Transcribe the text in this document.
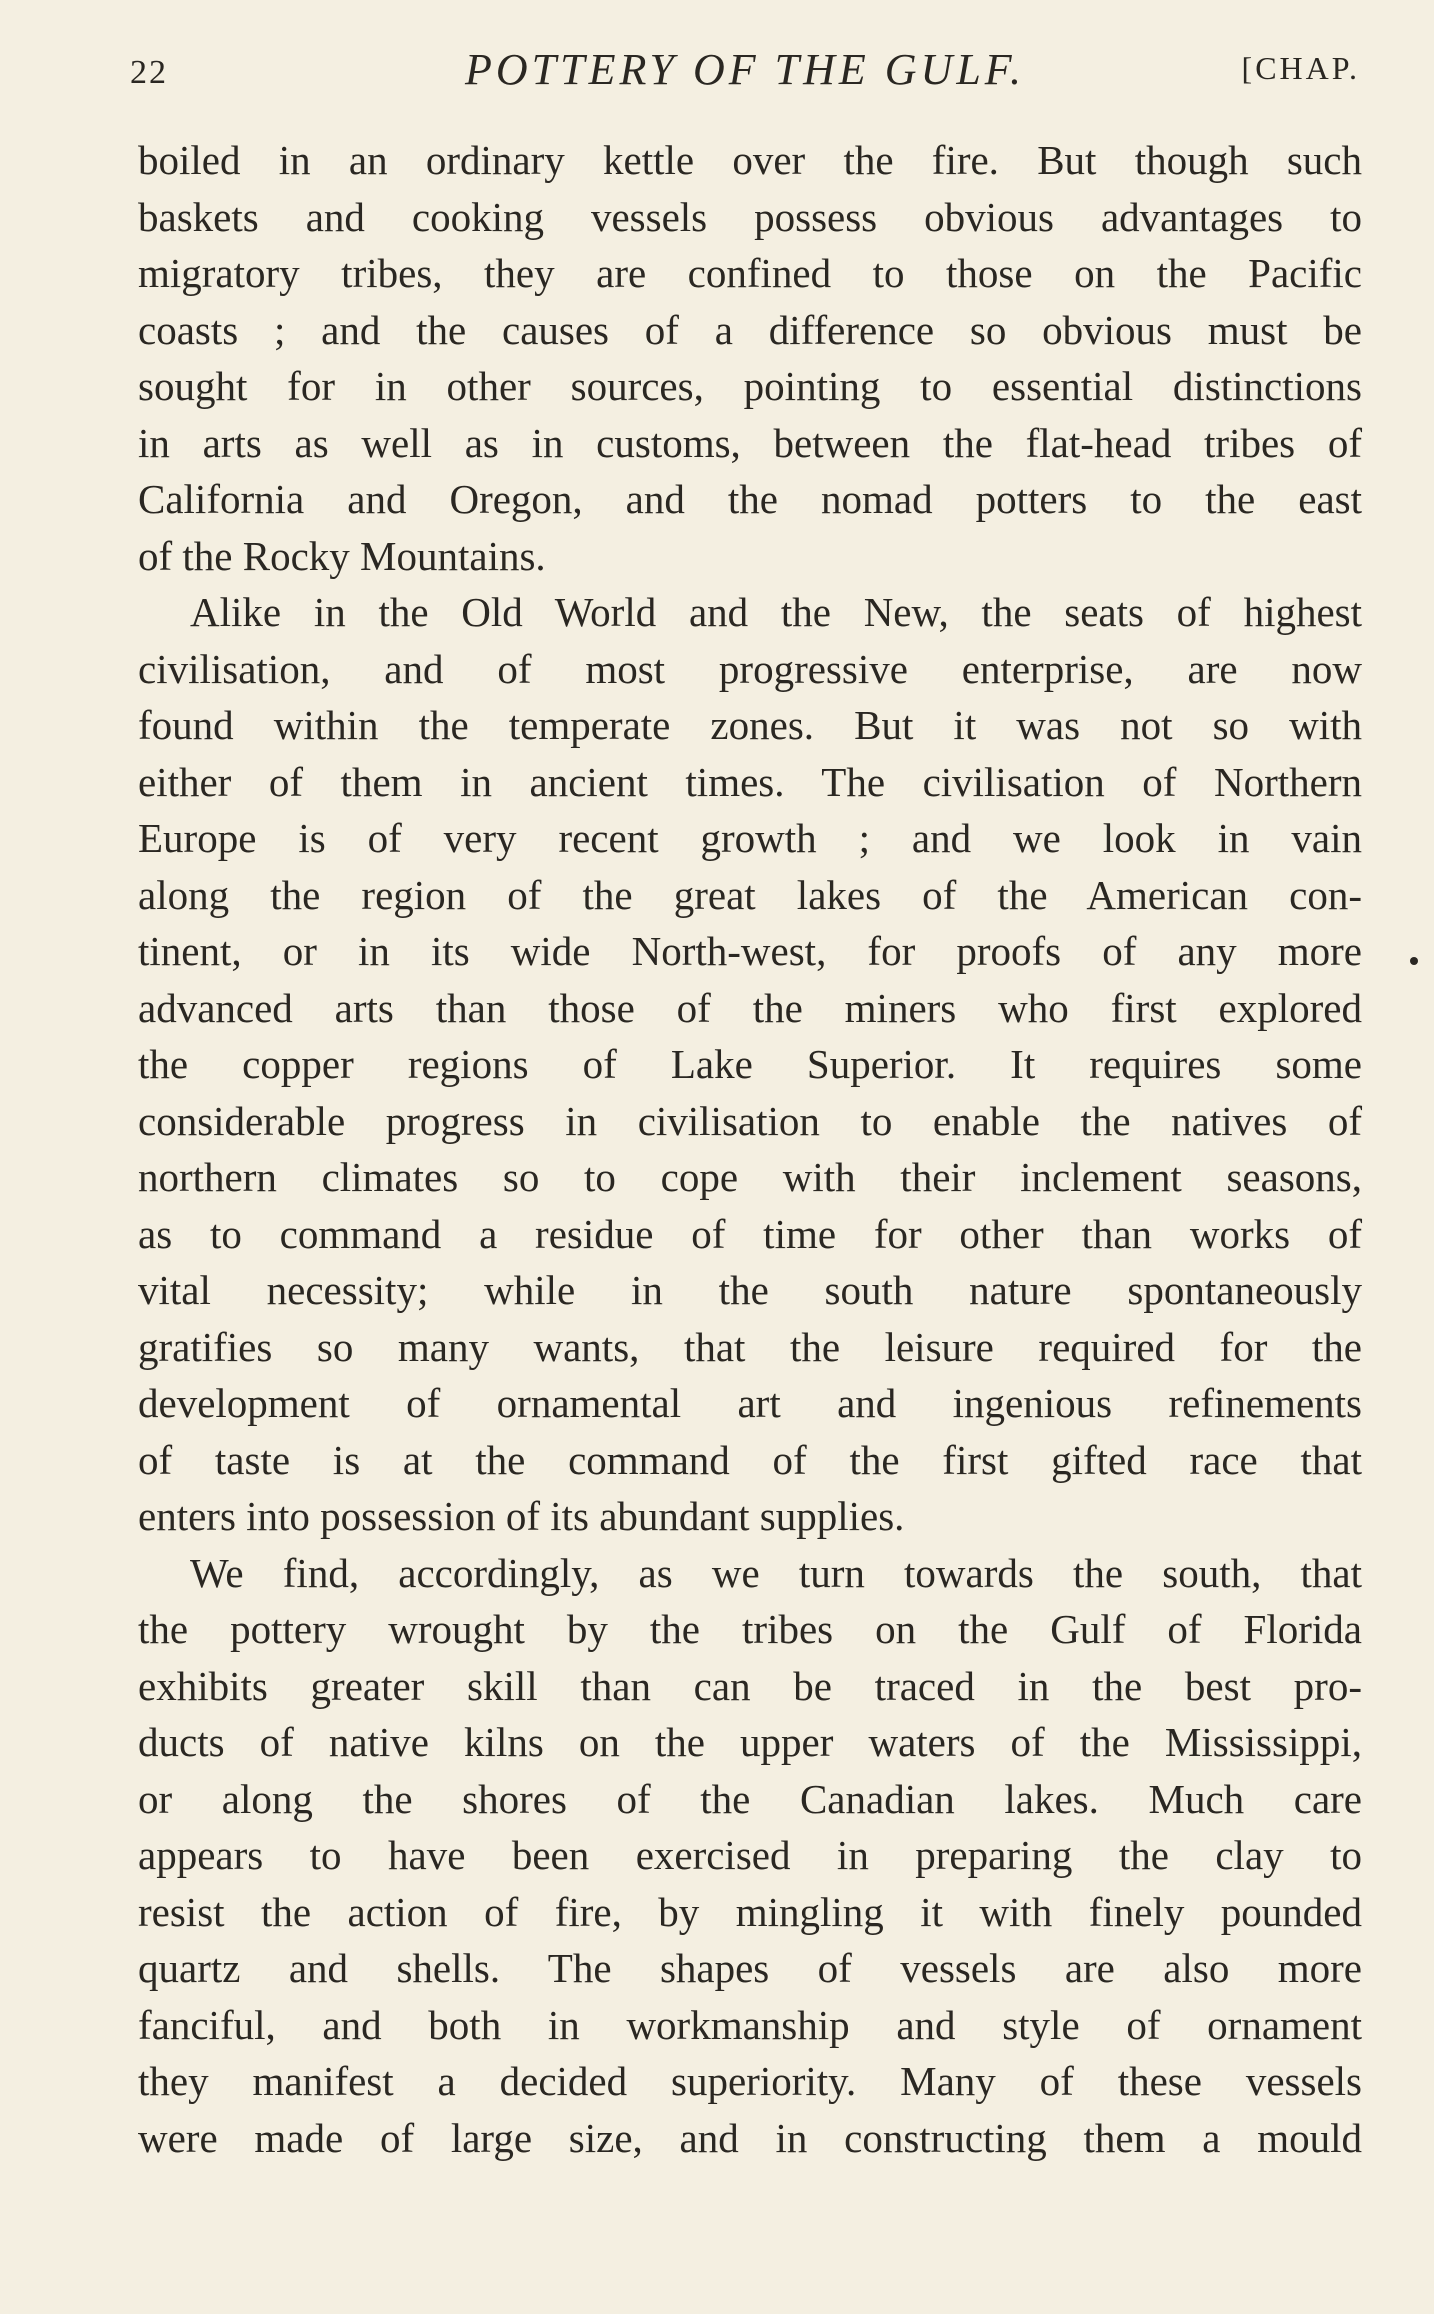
22	POTTERY OF THE GULF.	[CHAP.
boiled in an ordinary kettle over the fire. But though such
baskets and cooking vessels possess obvious advantages to
migratory tribes, they are confined to those on the Pacific
coasts ; and the causes of a difference so obvious must be
sought for in other sources, pointing to essential distinctions
in arts as well as in customs, between the flat-head tribes of
California and Oregon, and the nomad potters to the east
of the Rocky Mountains.
Alike in the Old World and the New, the seats of highest
civilisation, and of most progressive enterprise, are now
found within the temperate zones. But it was not so with
either of them in ancient times. The civilisation of Northern
Europe is of very recent growth ; and we look in vain
along the region of the great lakes of the American con-
tinent, or in its wide North-west, for proofs of any more
advanced arts than those of the miners who first explored
the copper regions of Lake Superior. It requires some
considerable progress in civilisation to enable the natives of
northern climates so to cope with their inclement seasons,
as to command a residue of time for other than works of
vital necessity; while in the south nature spontaneously
gratifies so many wants, that the leisure required for the
development of ornamental art and ingenious refinements
of taste is at the command of the first gifted race that
enters into possession of its abundant supplies.
We find, accordingly, as we turn towards the south, that
the pottery wrought by the tribes on the Gulf of Florida
exhibits greater skill than can be traced in the best pro-
ducts of native kilns on the upper waters of the Mississippi,
or along the shores of the Canadian lakes. Much care
appears to have been exercised in preparing the clay to
resist the action of fire, by mingling it with finely pounded
quartz and shells. The shapes of vessels are also more
fanciful, and both in workmanship and style of ornament
they manifest a decided superiority. Many of these vessels
were made of large size, and in constructing them a mould
